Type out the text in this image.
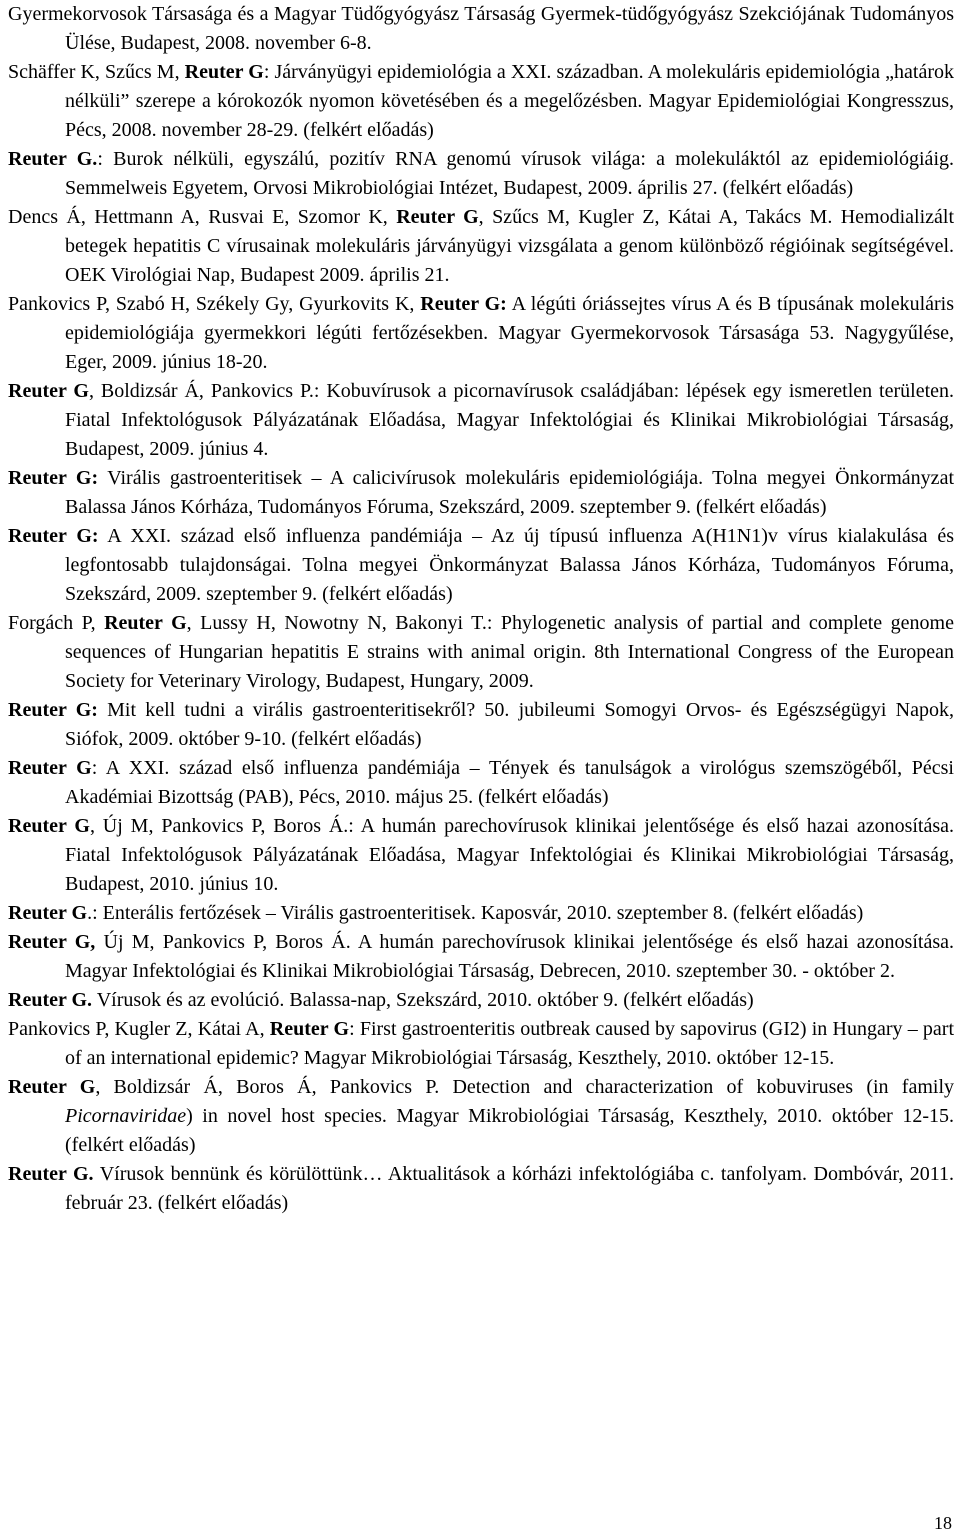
Gyermekorvosok Társasága és a Magyar Tüdőgyógyász Társaság Gyermek-tüdőgyógyász Szekciójának Tudományos Ülése, Budapest, 2008. november 6-8.

Schäffer K, Szűcs M, Reuter G: Járványügyi epidemiológia a XXI. században. A molekuláris epidemiológia „határok nélküli” szerepe a kórokozók nyomon követésében és a megelőzésben. Magyar Epidemiológiai Kongresszus, Pécs, 2008. november 28-29. (felkért előadás)

Reuter G.: Burok nélküli, egyszálú, pozitív RNA genomú vírusok világa: a molekuláktól az epidemiológiáig. Semmelweis Egyetem, Orvosi Mikrobiológiai Intézet, Budapest, 2009. április 27. (felkért előadás)

Dencs Á, Hettmann A, Rusvai E, Szomor K, Reuter G, Szűcs M, Kugler Z, Kátai A, Takács M. Hemodializált betegek hepatitis C vírusainak molekuláris járványügyi vizsgálata a genom különböző régióinak segítségével. OEK Virológiai Nap, Budapest 2009. április 21.

Pankovics P, Szabó H, Székely Gy, Gyurkovits K, Reuter G: A légúti óriássejtes vírus A és B típusának molekuláris epidemiológiája gyermekkori légúti fertőzésekben. Magyar Gyermekorvosok Társasága 53. Nagygyűlése, Eger, 2009. június 18-20.

Reuter G, Boldizsár Á, Pankovics P.: Kobuvírusok a picornavírusok családjában: lépések egy ismeretlen területen. Fiatal Infektológusok Pályázatának Előadása, Magyar Infektológiai és Klinikai Mikrobiológiai Társaság, Budapest, 2009. június 4.

Reuter G: Virális gastroenteritisek – A calicivírusok molekuláris epidemiológiája. Tolna megyei Önkormányzat Balassa János Kórháza, Tudományos Fóruma, Szekszárd, 2009. szeptember 9. (felkért előadás)

Reuter G: A XXI. század első influenza pandémiája – Az új típusú influenza A(H1N1)v vírus kialakulása és legfontosabb tulajdonságai. Tolna megyei Önkormányzat Balassa János Kórháza, Tudományos Fóruma, Szekszárd, 2009. szeptember 9. (felkért előadás)

Forgách P, Reuter G, Lussy H, Nowotny N, Bakonyi T.: Phylogenetic analysis of partial and complete genome sequences of Hungarian hepatitis E strains with animal origin. 8th International Congress of the European Society for Veterinary Virology, Budapest, Hungary, 2009.

Reuter G: Mit kell tudni a virális gastroenteritisekről? 50. jubileumi Somogyi Orvos- és Egészségügyi Napok, Siófok, 2009. október 9-10. (felkért előadás)

Reuter G: A XXI. század első influenza pandémiája – Tények és tanulságok a virológus szemszögéből, Pécsi Akadémiai Bizottság (PAB), Pécs, 2010. május 25. (felkért előadás)

Reuter G, Új M, Pankovics P, Boros Á.: A humán parechovírusok klinikai jelentősége és első hazai azonosítása. Fiatal Infektológusok Pályázatának Előadása, Magyar Infektológiai és Klinikai Mikrobiológiai Társaság, Budapest, 2010. június 10.

Reuter G.: Enterális fertőzések – Virális gastroenteritisek. Kaposvár, 2010. szeptember 8. (felkért előadás)

Reuter G, Új M, Pankovics P, Boros Á. A humán parechovírusok klinikai jelentősége és első hazai azonosítása. Magyar Infektológiai és Klinikai Mikrobiológiai Társaság, Debrecen, 2010. szeptember 30. - október 2.

Reuter G. Vírusok és az evolúció. Balassa-nap, Szekszárd, 2010. október 9. (felkért előadás)

Pankovics P, Kugler Z, Kátai A, Reuter G: First gastroenteritis outbreak caused by sapovirus (GI2) in Hungary – part of an international epidemic? Magyar Mikrobiológiai Társaság, Keszthely, 2010. október 12-15.

Reuter G, Boldizsár Á, Boros Á, Pankovics P. Detection and characterization of kobuviruses (in family Picornaviridae) in novel host species. Magyar Mikrobiológiai Társaság, Keszthely, 2010. október 12-15. (felkért előadás)

Reuter G. Vírusok bennünk és körülöttünk… Aktualitások a kórházi infektológiába c. tanfolyam. Dombóvár, 2011. február 23. (felkért előadás)

18
